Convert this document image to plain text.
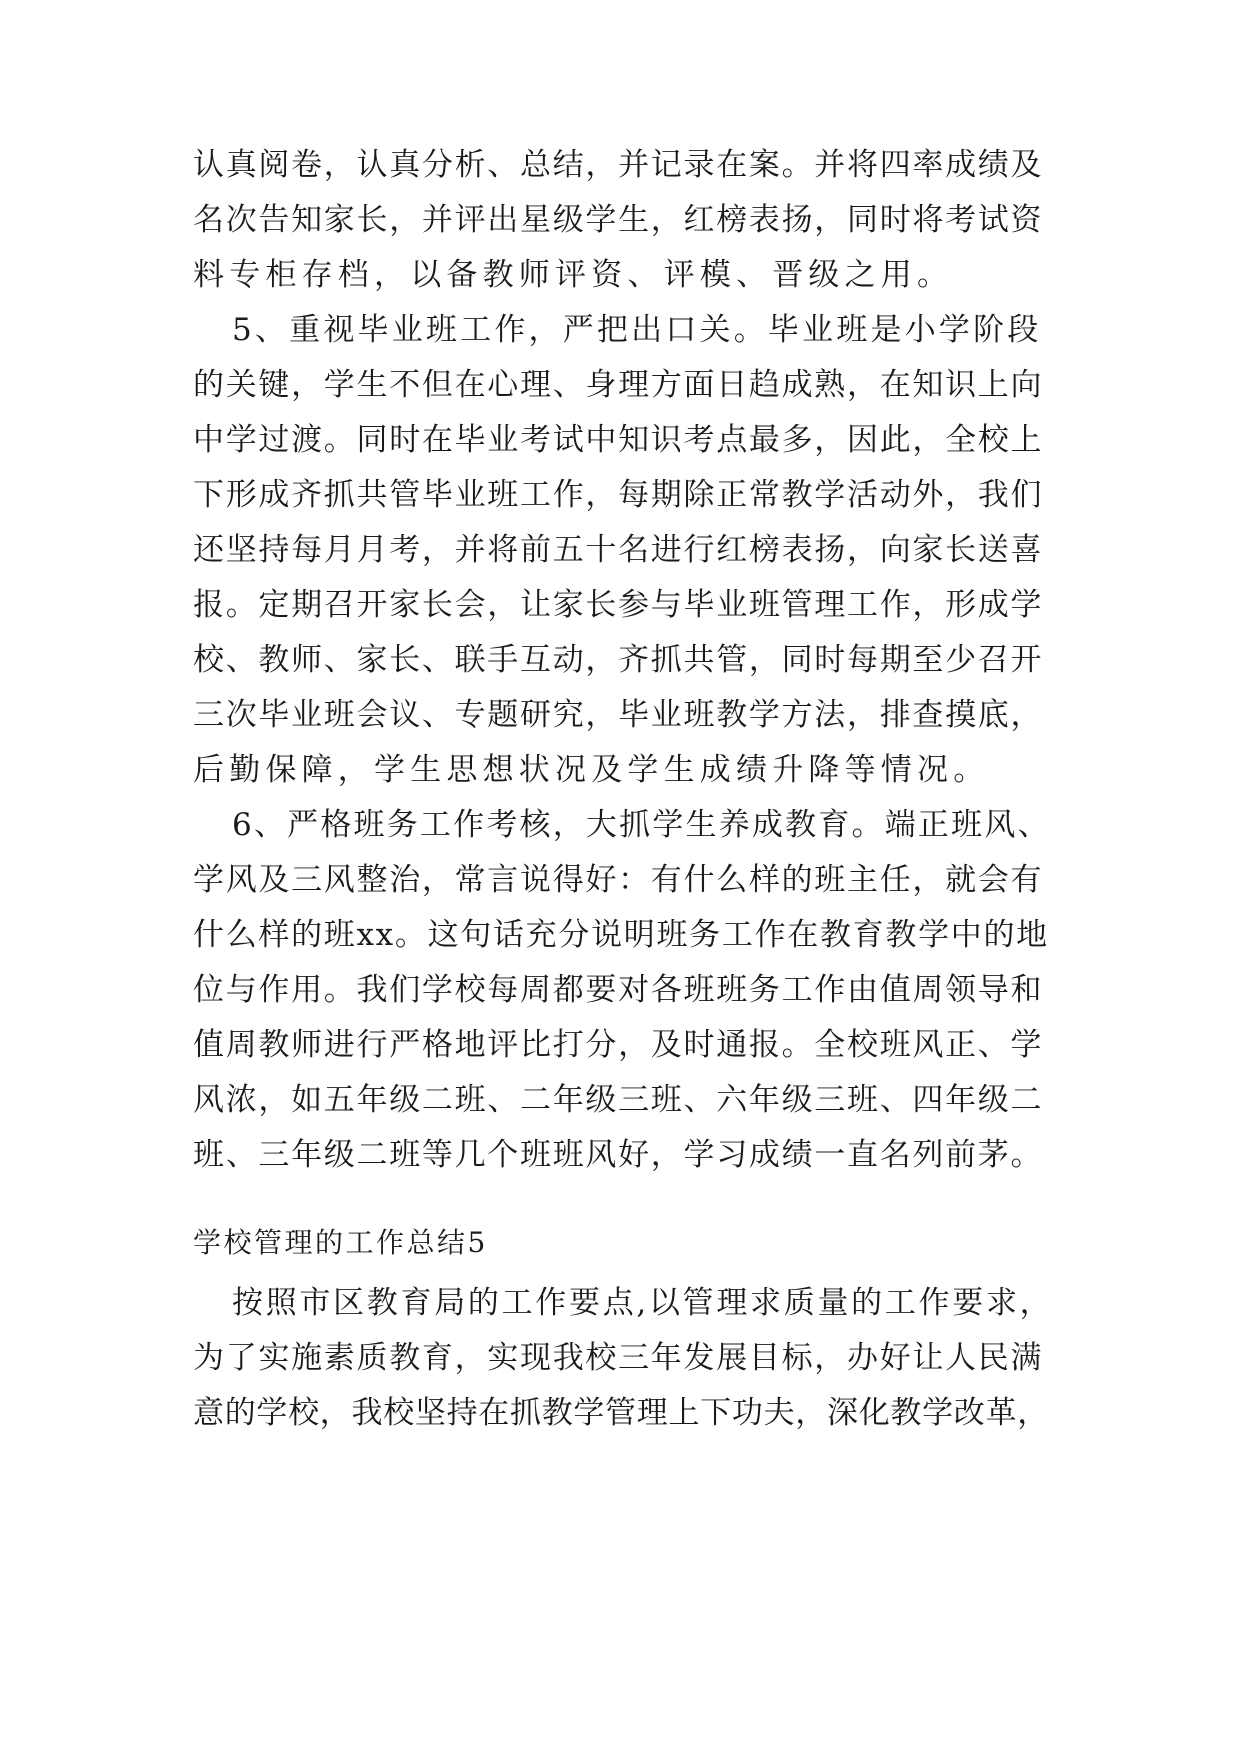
认真阅卷，认真分析、总结，并记录在案。并将四率成绩及
名次告知家长，并评出星级学生，红榜表扬，同时将考试资
料专柜存档，以备教师评资、评模、晋级之用。
5、重视毕业班工作，严把出口关。毕业班是小学阶段
的关键，学生不但在心理、身理方面日趋成熟，在知识上向
中学过渡。同时在毕业考试中知识考点最多，因此，全校上
下形成齐抓共管毕业班工作，每期除正常教学活动外，我们
还坚持每月月考，并将前五十名进行红榜表扬，向家长送喜
报。定期召开家长会，让家长参与毕业班管理工作，形成学
校、教师、家长、联手互动，齐抓共管，同时每期至少召开
三次毕业班会议、专题研究，毕业班教学方法，排查摸底，
后勤保障，学生思想状况及学生成绩升降等情况。
6、严格班务工作考核，大抓学生养成教育。端正班风、
学风及三风整治，常言说得好：有什么样的班主任，就会有
什么样的班xx。这句话充分说明班务工作在教育教学中的地
位与作用。我们学校每周都要对各班班务工作由值周领导和
值周教师进行严格地评比打分，及时通报。全校班风正、学
风浓，如五年级二班、二年级三班、六年级三班、四年级二
班、三年级二班等几个班班风好，学习成绩一直名列前茅。
学校管理的工作总结5
按照市区教育局的工作要点,以管理求质量的工作要求，
为了实施素质教育，实现我校三年发展目标，办好让人民满
意的学校，我校坚持在抓教学管理上下功夫，深化教学改革，
